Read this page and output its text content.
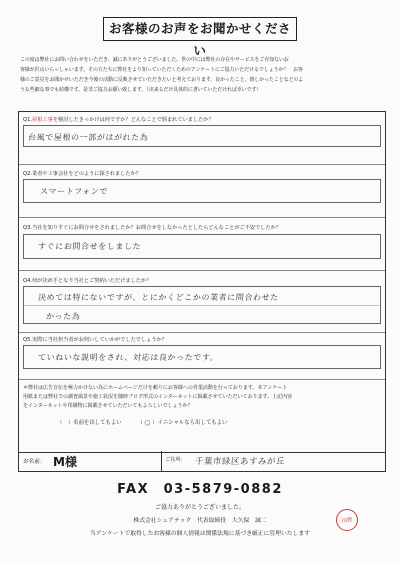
お客様のお声をお聞かせください
この度は弊社にお問い合わせをいただき、誠にありがとうございました。世の中には弊社の存在やサービスをご存知ないお
客様が沢山いらっしゃいます。その方たちに弊社をより知っていただくためのアンケートにご協力いただけるでしょうか？　お客
様のご意見をお聞かせいただき今後の活動に反映させていただきたいと考えております。良かったこと、嬉しかったことなどのよ
うな些細な事でも結構です。是非ご協力お願い致します。（出来るだけ具体的に書いていただければ幸いです）
Q1.屋根工事を検討したきっかけは何ですか？どんなことで悩まれていましたか？
台風で屋根の一部がはがれた為
Q2.業者や工事会社をどのように探されましたか？
スマートフォンで
Q3.当社を知りすぐにお問合せをされましたか？お問合せをしなかったとしたらどんなことがご不安でしたか？
すぐにお問合せをしました
Q4.何が決め手となり当社とご契約いただけましたか？
決めては特にないですが、とにかくどこかの業者に問合わせた
かった為
Q5.実際に当社担当者がお伺いしていかがでしたでしょうか？
ていねいな説明をされ、対応は良かったです。
＊弊社は広告宣伝を極力かけない為にホームページだけを頼りにお客様への営業活動を行っております。本アンケート
用紙または弊社での調査風景や施工状況を随時ブログ形式のインターネットに掲載させていただいております。上記内容
をインターネットや印刷物に掲載させていただいてもよろしいでしょうか？
（　）名前を出してもよい	（ ◯ ）イニシャルなら出してもよい
お名前： M様	ご住所： 千葉市緑区あすみが丘
FAX　03-5879-0882
ご協力ありがとうございました。
株式会社シェアテック　代表取締役　大久保　誠二
当アンケートで取得したお客様の個人情報は関係法規に基づき厳正に管理いたします
田野
